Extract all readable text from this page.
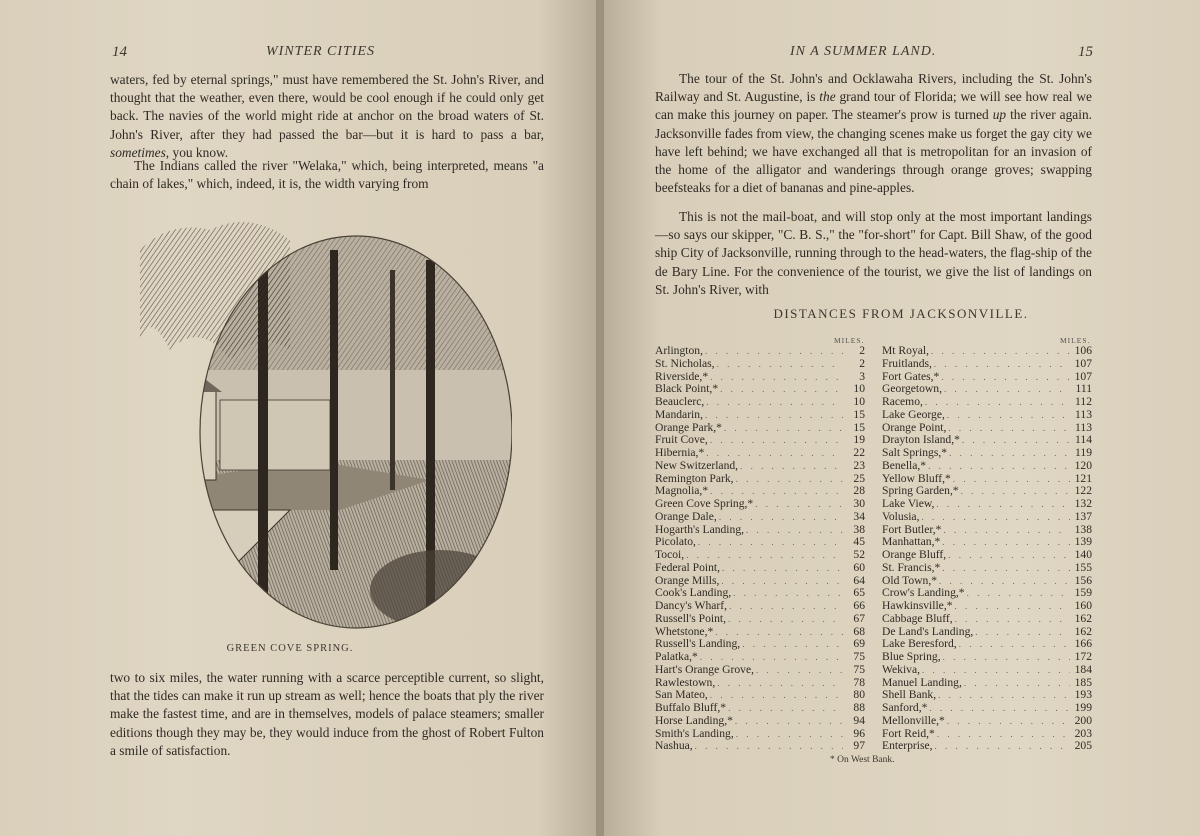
14	WINTER CITIES

waters, fed by eternal springs," must have remembered the St. John's River, and thought that the weather, even there, would be cool enough if he could only get back. The navies of the world might ride at anchor on the broad waters of St. John's River, after they had passed the bar—but it is hard to pass a bar, sometimes, you know.

The Indians called the river "Welaka," which, being interpreted, means "a chain of lakes," which, indeed, it is, the width varying from

GREEN COVE SPRING.

two to six miles, the water running with a scarce perceptible current, so slight, that the tides can make it run up stream as well; hence the boats that ply the river make the fastest time, and are in themselves, models of palace steamers; smaller editions though they may be, they would induce from the ghost of Robert Fulton a smile of satisfaction.

IN A SUMMER LAND.	15

The tour of the St. John's and Ocklawaha Rivers, including the St. John's Railway and St. Augustine, is the grand tour of Florida; we will see how real we can make this journey on paper. The steamer's prow is turned up the river again. Jacksonville fades from view, the changing scenes make us forget the gay city we have left behind; we have exchanged all that is metropolitan for an invasion of the home of the alligator and wanderings through orange groves; swapping beefsteaks for a diet of bananas and pine-apples.

This is not the mail-boat, and will stop only at the most important landings—so says our skipper, "C. B. S.," the "for-short" for Capt. Bill Shaw, of the good ship City of Jacksonville, running through to the head-waters, the flag-ship of the de Bary Line. For the convenience of the tourist, we give the list of landings on St. John's River, with

DISTANCES FROM JACKSONVILLE.
MILES.	MILES.
Arlington, . . .	2
St. Nicholas, . . .	2
Riverside,* . . .	3
Black Point,* . . .	10
Beauclerc, . . .	10
Mandarin, . . .	15
Orange Park,* . . .	15
Fruit Cove, . . .	19
Hibernia,* . . .	22
New Switzerland, . . .	23
Remington Park, . . .	25
Magnolia,* . . .	28
Green Cove Spring,* . . .	30
Orange Dale, . . .	34
Hogarth's Landing, . . .	38
Picolato, . . .	45
Tocoi, . . .	52
Federal Point, . . .	60
Orange Mills, . . .	64
Cook's Landing, . . .	65
Dancy's Wharf, . . .	66
Russell's Point, . . .	67
Whetstone,* . . .	68
Russell's Landing, . . .	69
Palatka,* . . .	75
Hart's Orange Grove, . . .	75
Rawlestown, . . .	78
San Mateo, . . .	80
Buffalo Bluff,* . . .	88
Horse Landing,* . . .	94
Smith's Landing, . . .	96
Nashua, . . .	97
Mt Royal, . . .	106
Fruitlands, . . .	107
Fort Gates,* . . .	107
Georgetown, . . .	111
Racemo, . . .	112
Lake George, . . .	113
Orange Point, . . .	113
Drayton Island,* . . .	114
Salt Springs,* . . .	119
Benella,* . . .	120
Yellow Bluff,* . . .	121
Spring Garden,* . . .	122
Lake View, . . .	132
Volusia, . . .	137
Fort Butler,* . . .	138
Manhattan,* . . .	139
Orange Bluff, . . .	140
St. Francis,* . . .	155
Old Town,* . . .	156
Crow's Landing,* . . .	159
Hawkinsville,* . . .	160
Cabbage Bluff, . . .	162
De Land's Landing, . . .	162
Lake Beresford, . . .	166
Blue Spring, . . .	172
Wekiva, . . .	184
Manuel Landing, . . .	185
Shell Bank, . . .	193
Sanford,* . . .	199
Mellonville,* . . .	200
Fort Reid,* . . .	203
Enterprise, . . .	205
* On West Bank.
